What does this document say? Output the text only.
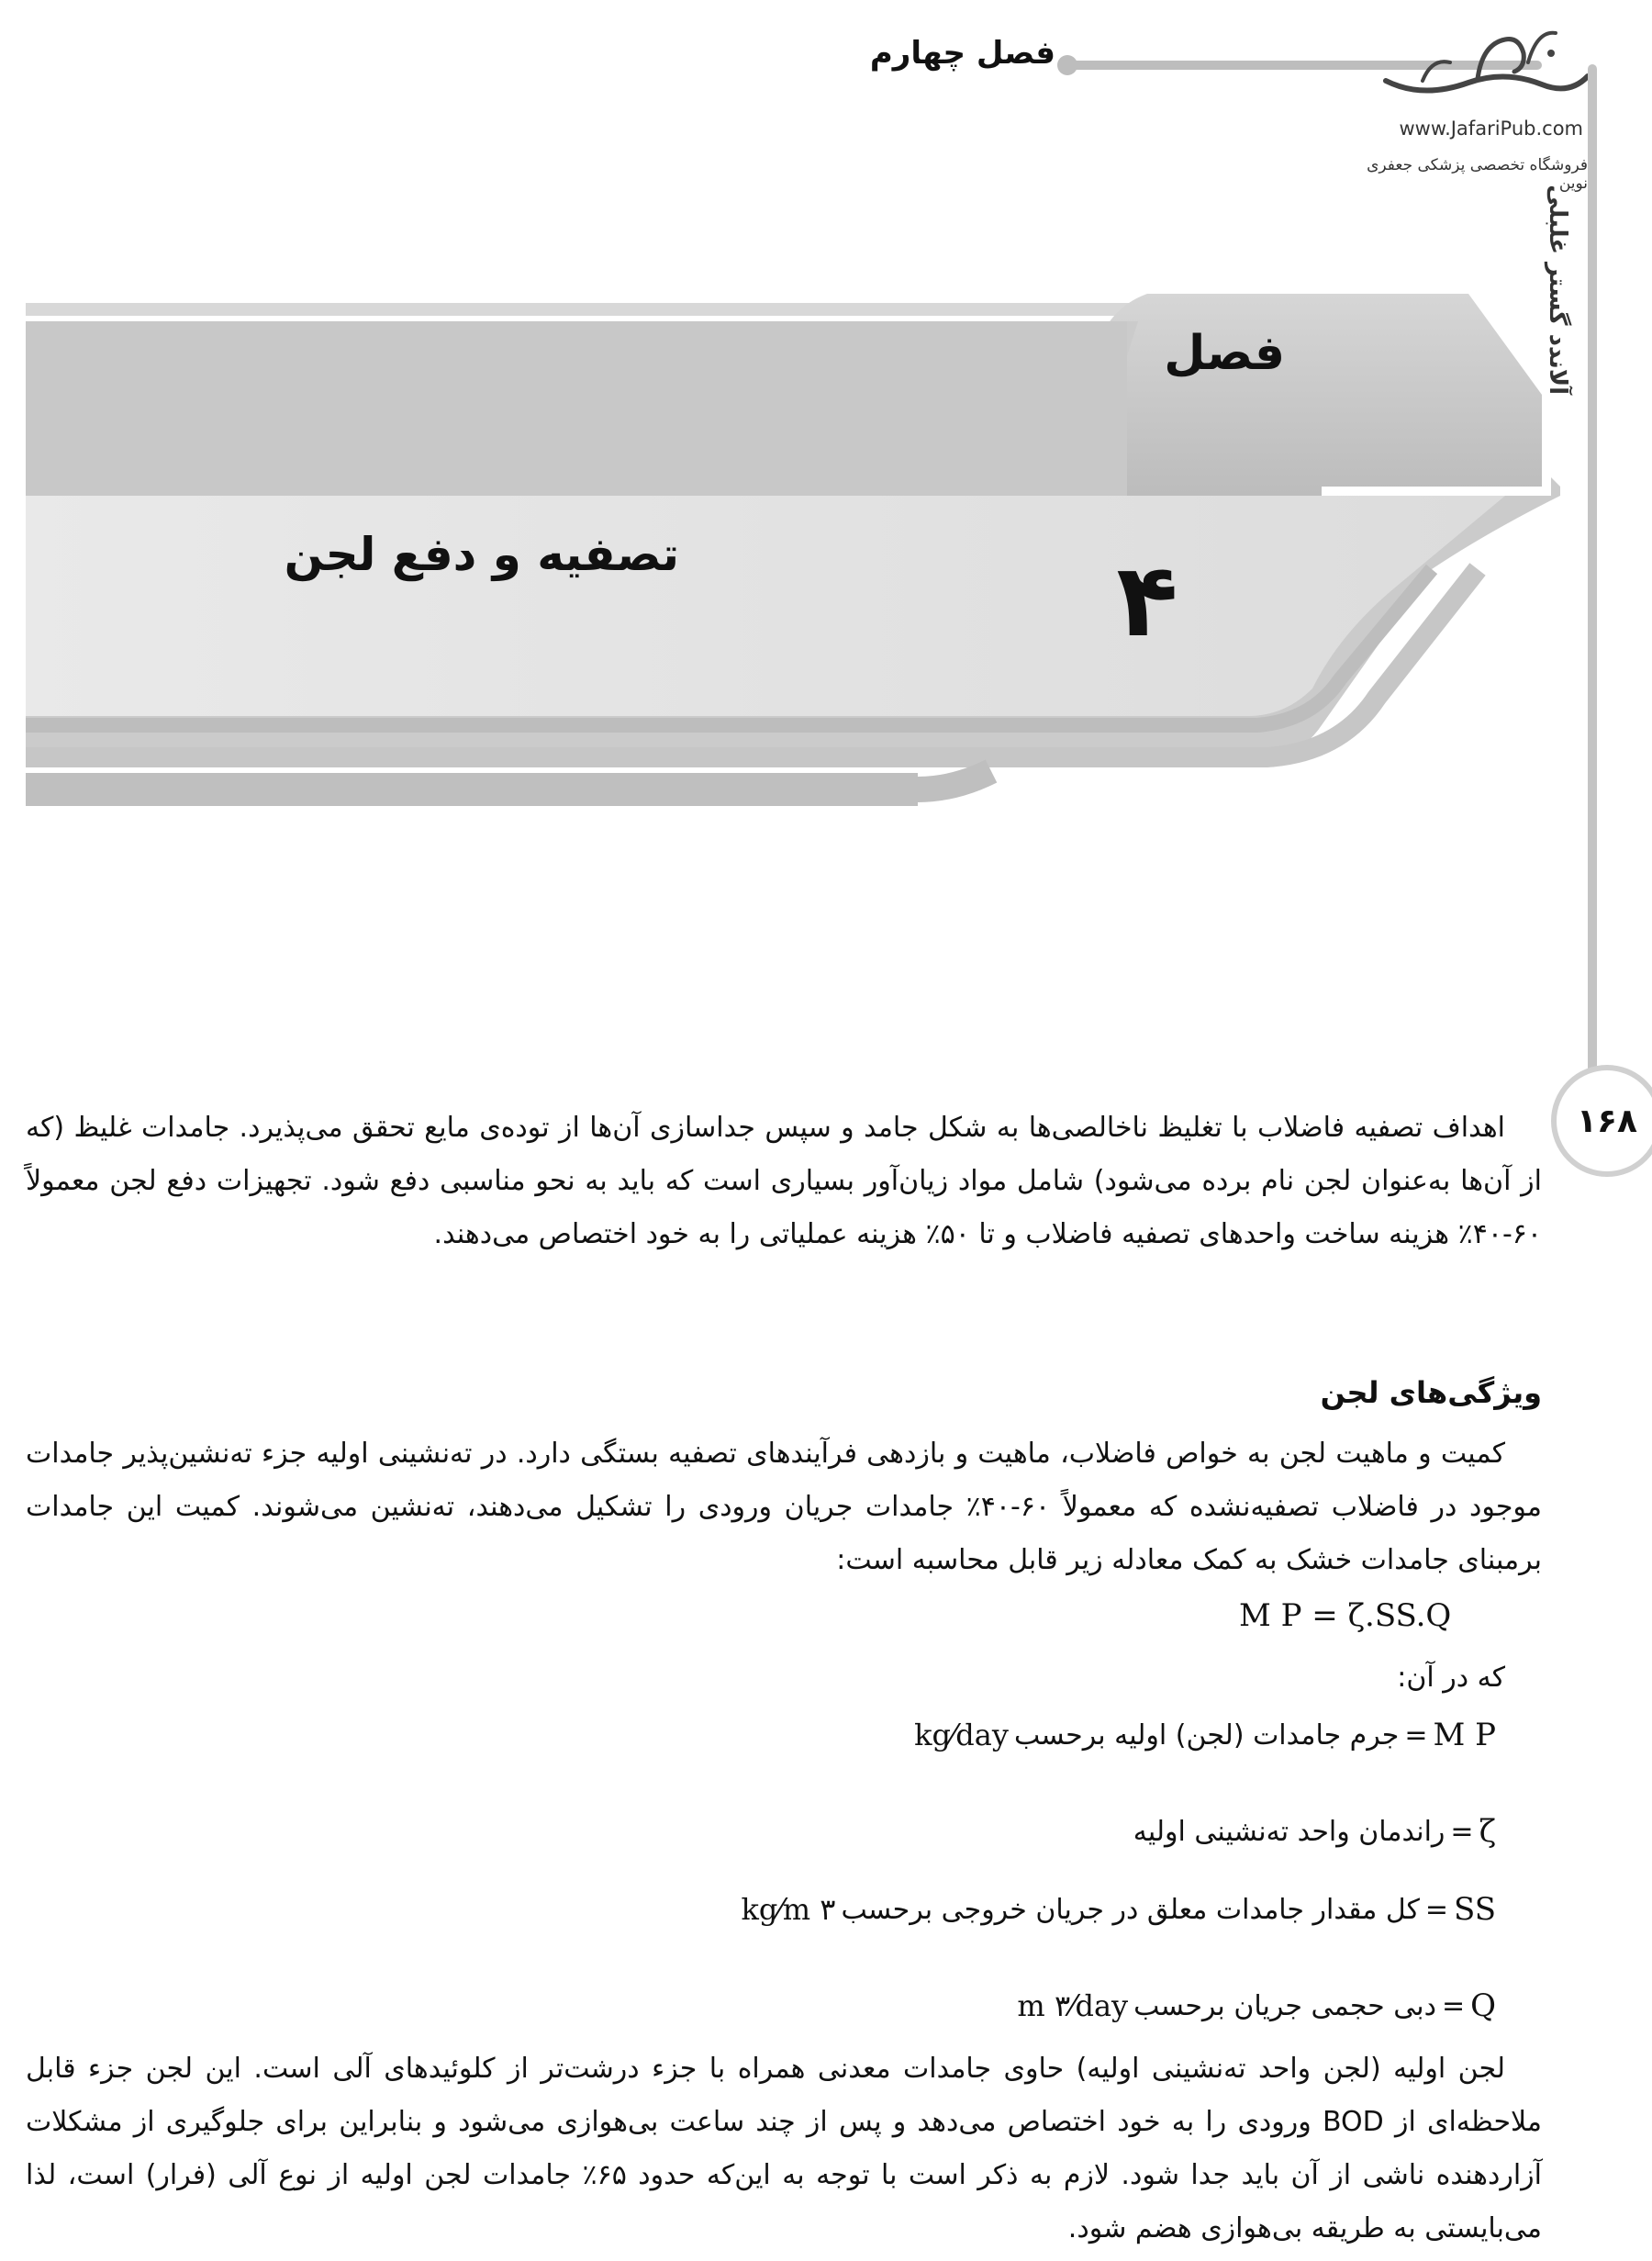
فصل چهارم
www.JafariPub.com
فروشگاه تخصصی پزشکی جعفری نوین
آلاندد گستر غلبلی
فصل
تصفیه و دفع لجن	۴
۱۶۸

اهداف تصفیه فاضلاب با تغلیظ ناخالصی‌ها به شکل جامد و سپس جداسازی آن‌ها از توده‌ی مایع تحقق می‌پذیرد. جامدات غلیظ (که از آن‌ها به‌عنوان لجن نام برده می‌شود) شامل مواد زیان‌آور بسیاری است که باید به نحو مناسبی دفع شود. تجهیزات دفع لجن معمولاً ۶۰-۴۰٪ هزینه ساخت واحدهای تصفیه فاضلاب و تا ۵۰٪ هزینه عملیاتی را به خود اختصاص می‌دهند.

ویژگی‌های لجن

کمیت و ماهیت لجن به خواص فاضلاب، ماهیت و بازدهی فرآیندهای تصفیه بستگی دارد. در ته‌نشینی اولیه جزء ته‌نشین‌پذیر جامدات موجود در فاضلاب تصفیه‌نشده که معمولاً ۶۰-۴۰٪ جامدات جریان ورودی را تشکیل می‌دهند، ته‌نشین می‌شوند. کمیت این جامدات برمبنای جامدات خشک به کمک معادله زیر قابل محاسبه است:

M P = ζ.SS.Q
که در آن:
M P
=
جرم جامدات (لجن) اولیه برحسب
kg⁄day
ζ
=
راندمان واحد ته‌نشینی اولیه
SS
=
کل مقدار جامدات معلق در جریان خروجی برحسب
kg⁄m ۳
Q
=
دبی حجمی جریان برحسب
m ۳⁄day

لجن اولیه (لجن واحد ته‌نشینی اولیه) حاوی جامدات معدنی همراه با جزء درشت‌تر از کلوئیدهای آلی است. این لجن جزء قابل ملاحظه‌ای از BOD ورودی را به خود اختصاص می‌دهد و پس از چند ساعت بی‌هوازی می‌شود و بنابراین برای جلوگیری از مشکلات آزاردهنده ناشی از آن باید جدا شود. لازم به ذکر است با توجه به این‌که حدود ۶۵٪ جامدات لجن اولیه از نوع آلی (فرار) است، لذا می‌بایستی به طریقه بی‌هوازی هضم شود.
